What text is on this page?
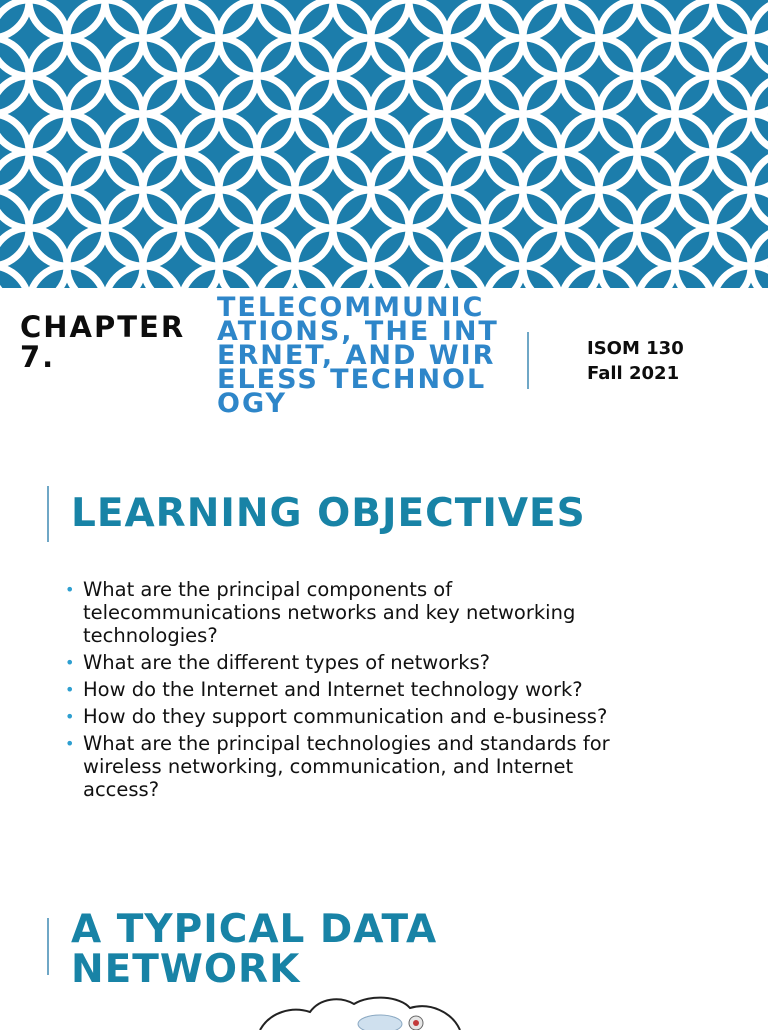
CHAPTER 7.
TELECOMMUNICATIONS, THE INTERNET, AND WIRELESS TECHNOLOGY
ISOM 130
Fall 2021
LEARNING OBJECTIVES
• What are the principal components of telecommunications networks and key networking technologies?
• What are the different types of networks?
• How do the Internet and Internet technology work?
• How do they support communication and e-business?
• What are the principal technologies and standards for wireless networking, communication, and Internet access?
A TYPICAL DATA
NETWORK
